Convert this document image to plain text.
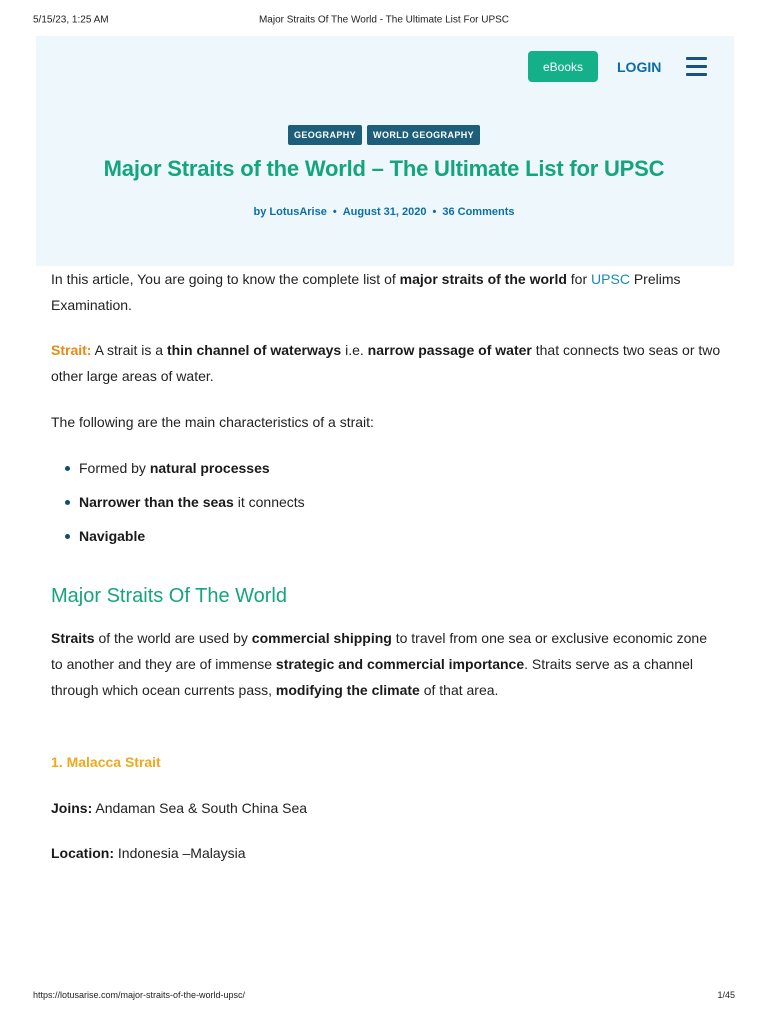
5/15/23, 1:25 AM	Major Straits Of The World - The Ultimate List For UPSC
eBooks	LOGIN
GEOGRAPHY	WORLD GEOGRAPHY
Major Straits of the World – The Ultimate List for UPSC
by LotusArise • August 31, 2020 • 36 Comments

In this article, You are going to know the complete list of major straits of the world for UPSC Prelims Examination.

Strait: A strait is a thin channel of waterways i.e. narrow passage of water that connects two seas or two other large areas of water.

The following are the main characteristics of a strait:

Formed by natural processes
Narrower than the seas it connects
Navigable
Major Straits Of The World

Straits of the world are used by commercial shipping to travel from one sea or exclusive economic zone to another and they are of immense strategic and commercial importance. Straits serve as a channel through which ocean currents pass, modifying the climate of that area.

1. Malacca Strait

Joins: Andaman Sea & South China Sea

Location: Indonesia –Malaysia

https://lotusarise.com/major-straits-of-the-world-upsc/	1/45
